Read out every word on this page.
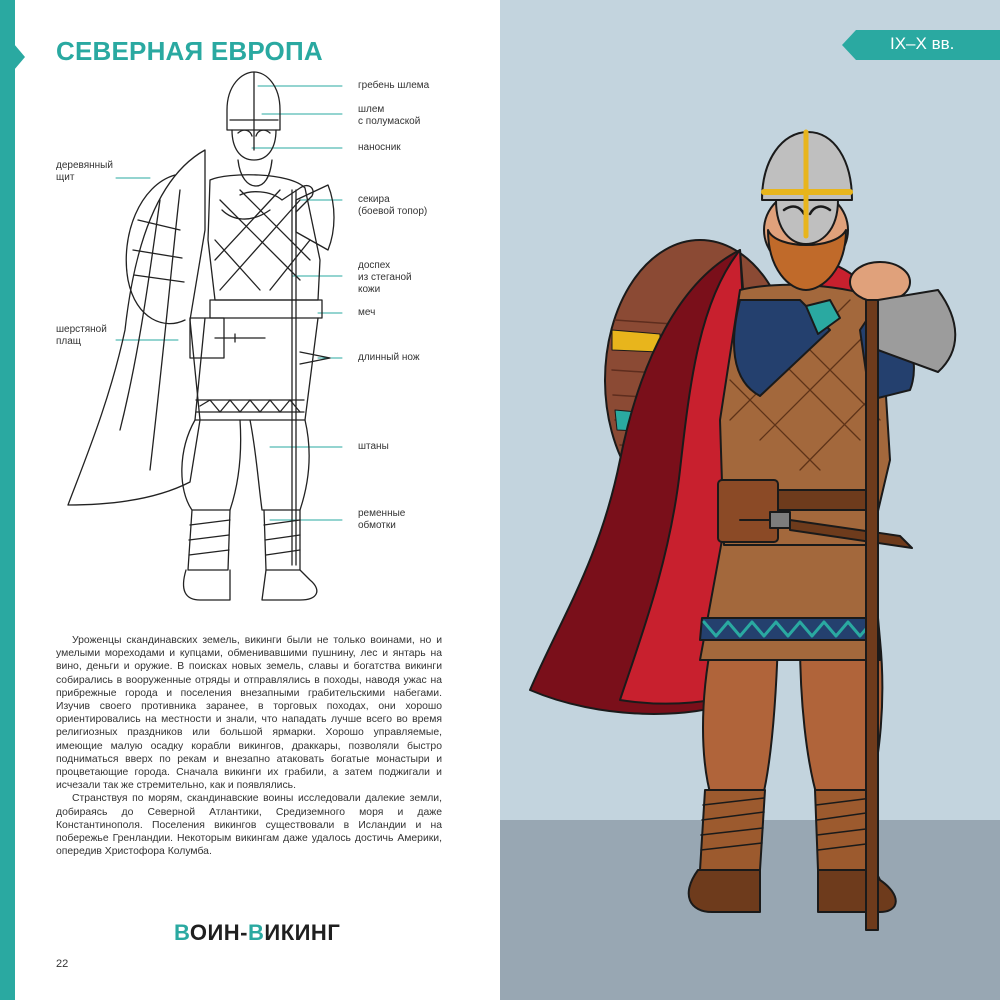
СЕВЕРНАЯ ЕВРОПА
гребень шлема
шлем
с полумаской
наносник
деревянный
щит
секира
(боевой топор)
доспех
из стеганой
кожи
меч
шерстяной
плащ
длинный нож
штаны
ременные
обмотки

Уроженцы скандинавских земель, викинги были не только воинами, но и умелыми мореходами и купцами, обменивавшими пушнину, лес и янтарь на вино, деньги и оружие. В поисках новых земель, славы и богатства викинги собирались в вооруженные отряды и отправлялись в походы, наводя ужас на прибрежные города и поселения внезапными грабительскими набегами. Изучив своего противника заранее, в торговых походах, они хорошо ориентировались на местности и знали, что нападать лучше всего во время религиозных праздников или большой ярмарки. Хорошо управляемые, имеющие малую осадку корабли викингов, драккары, позволяли быстро подниматься вверх по рекам и внезапно атаковать богатые монастыри и процветающие города. Сначала викинги их грабили, а затем поджигали и исчезали так же стремительно, как и появлялись.

Странствуя по морям, скандинавские воины исследовали далекие земли, добираясь до Северной Атлантики, Средиземного моря и даже Константинополя. Поселения викингов существовали в Исландии и на побережье Гренландии. Некоторым викингам даже удалось достичь Америки, опередив Христофора Колумба.

ВОИН-ВИКИНГ
22
IX–X вв.
